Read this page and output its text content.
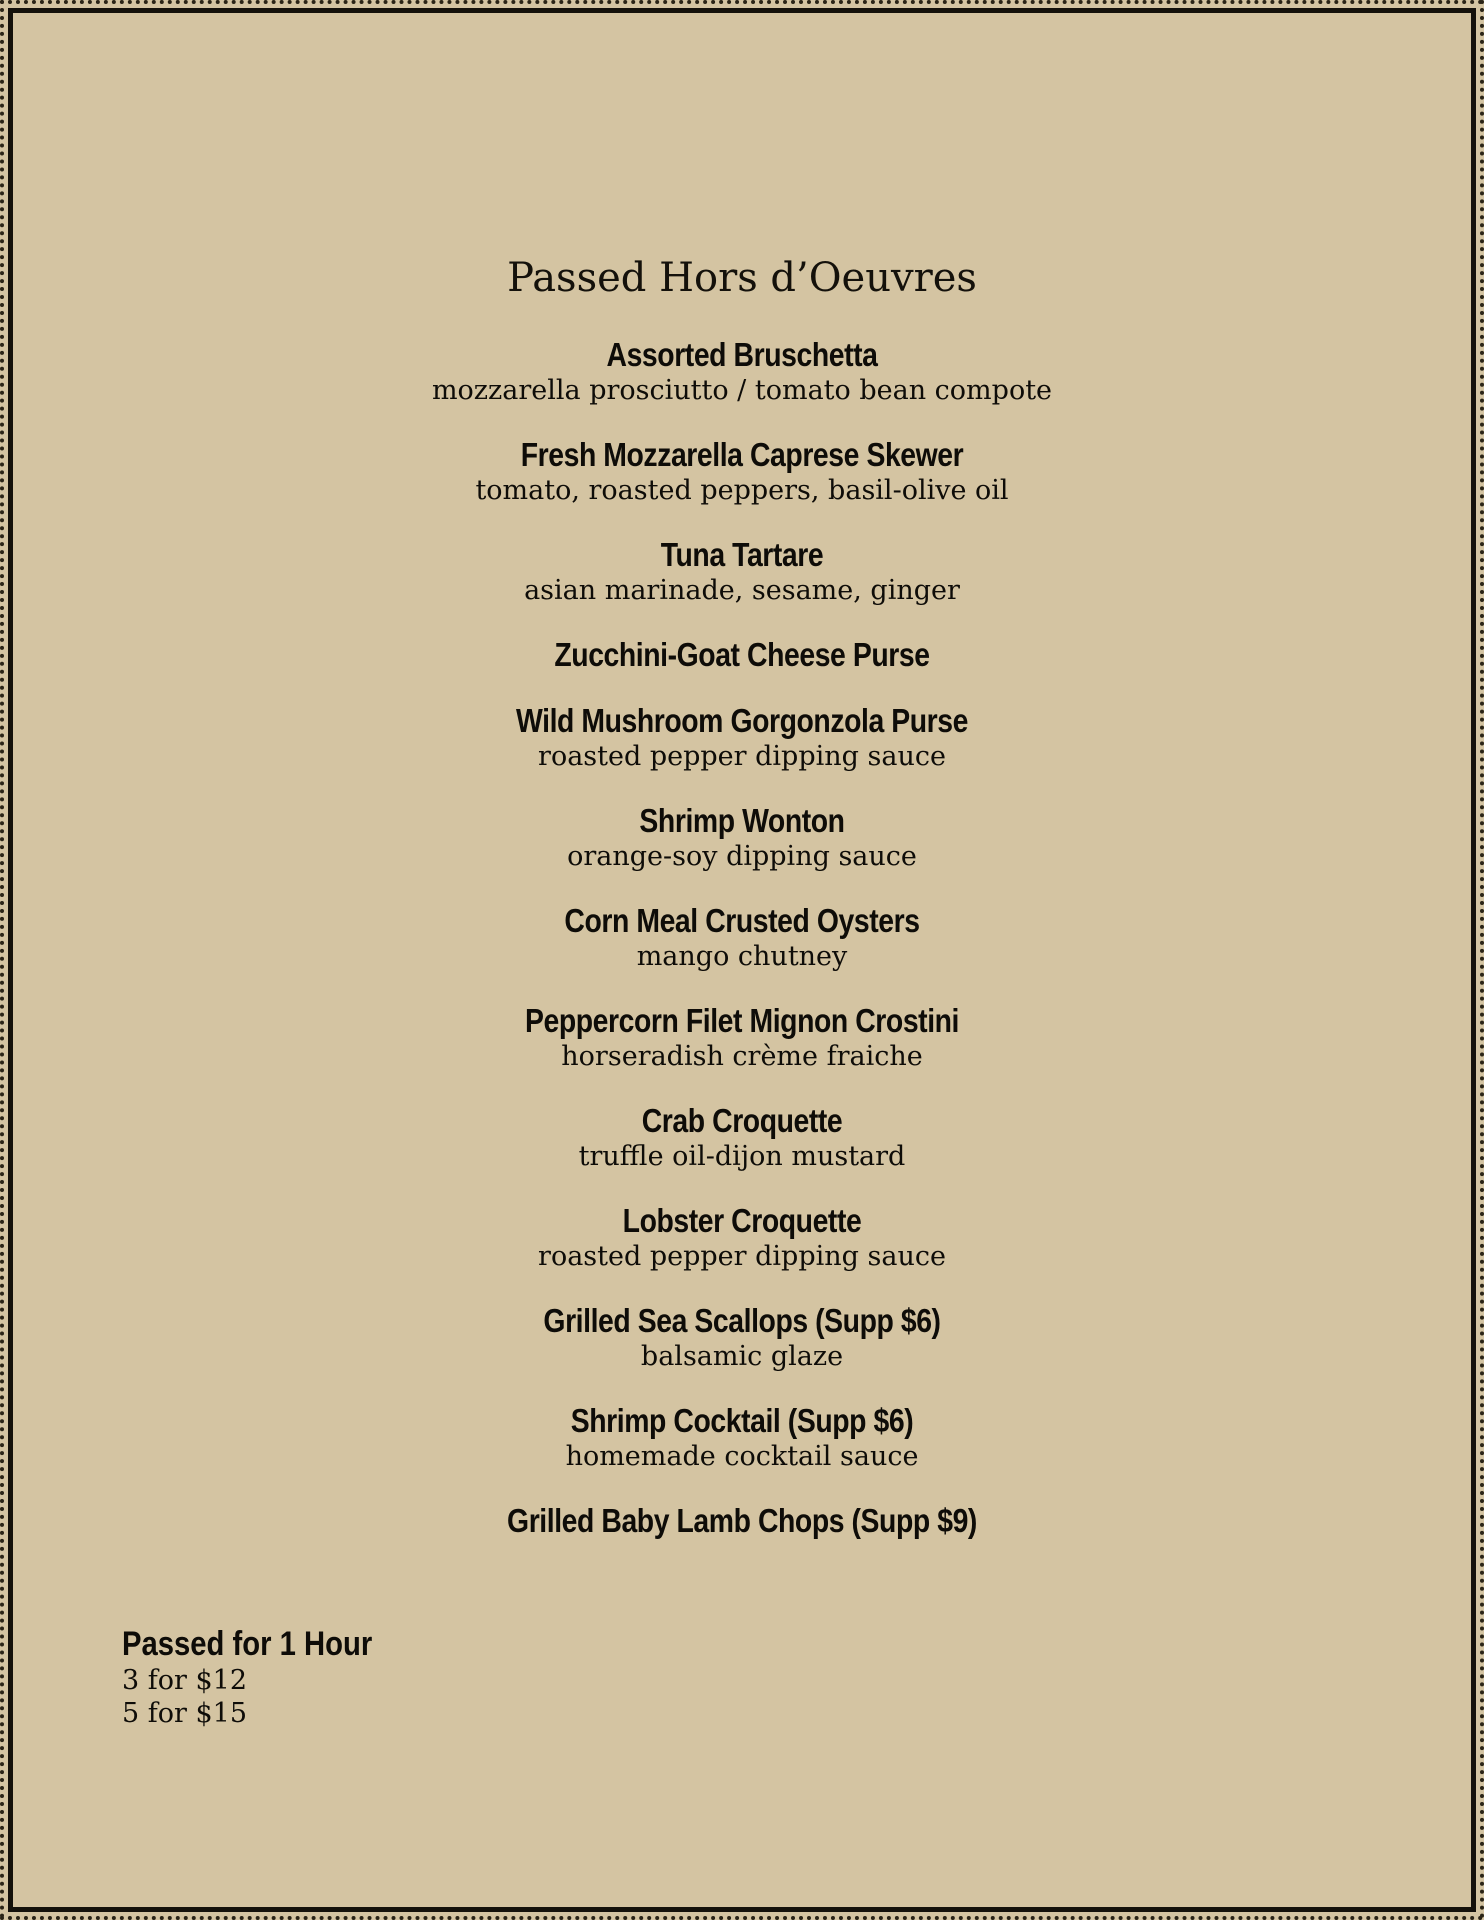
Passed Hors d’Oeuvres
Assorted Bruschetta
mozzarella prosciutto / tomato bean compote
Fresh Mozzarella Caprese Skewer
tomato, roasted peppers, basil-olive oil
Tuna Tartare
asian marinade, sesame, ginger
Zucchini-Goat Cheese Purse
Wild Mushroom Gorgonzola Purse
roasted pepper dipping sauce
Shrimp Wonton
orange-soy dipping sauce
Corn Meal Crusted Oysters
mango chutney
Peppercorn Filet Mignon Crostini
horseradish crème fraiche
Crab Croquette
truffle oil-dijon mustard
Lobster Croquette
roasted pepper dipping sauce
Grilled Sea Scallops (Supp $6)
balsamic glaze
Shrimp Cocktail (Supp $6)
homemade cocktail sauce
Grilled Baby Lamb Chops (Supp $9)
Passed for 1 Hour
3 for $12
5 for $15
